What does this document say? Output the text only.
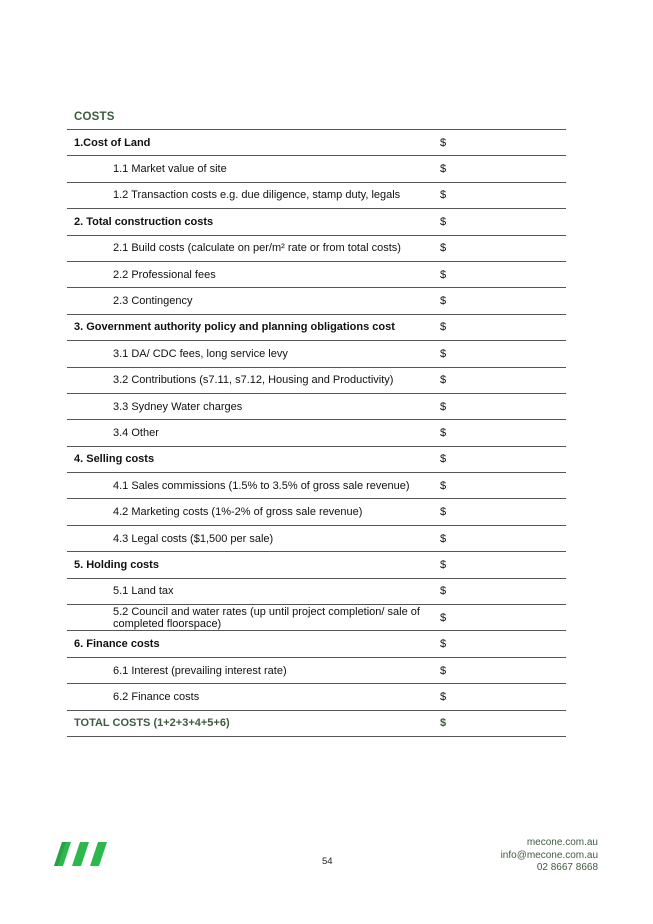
COSTS
1.Cost of Land	$
1.1 Market value of site	$
1.2 Transaction costs e.g. due diligence, stamp duty, legals	$
2. Total construction costs	$
2.1 Build costs (calculate on per/m² rate or from total costs)	$
2.2 Professional fees	$
2.3 Contingency	$
3. Government authority policy and planning obligations cost	$
3.1 DA/ CDC fees, long service levy	$
3.2 Contributions (s7.11, s7.12, Housing and Productivity)	$
3.3 Sydney Water charges	$
3.4 Other	$
4. Selling costs	$
4.1 Sales commissions (1.5% to 3.5% of gross sale revenue)	$
4.2 Marketing costs (1%-2% of gross sale revenue)	$
4.3 Legal costs ($1,500 per sale)	$
5. Holding costs	$
5.1 Land tax	$
5.2 Council and water rates (up until project completion/ sale of completed floorspace)	$
6. Finance costs	$
6.1 Interest (prevailing interest rate)	$
6.2 Finance costs	$
TOTAL COSTS (1+2+3+4+5+6)	$
54
mecone.com.au
info@mecone.com.au
02 8667 8668
